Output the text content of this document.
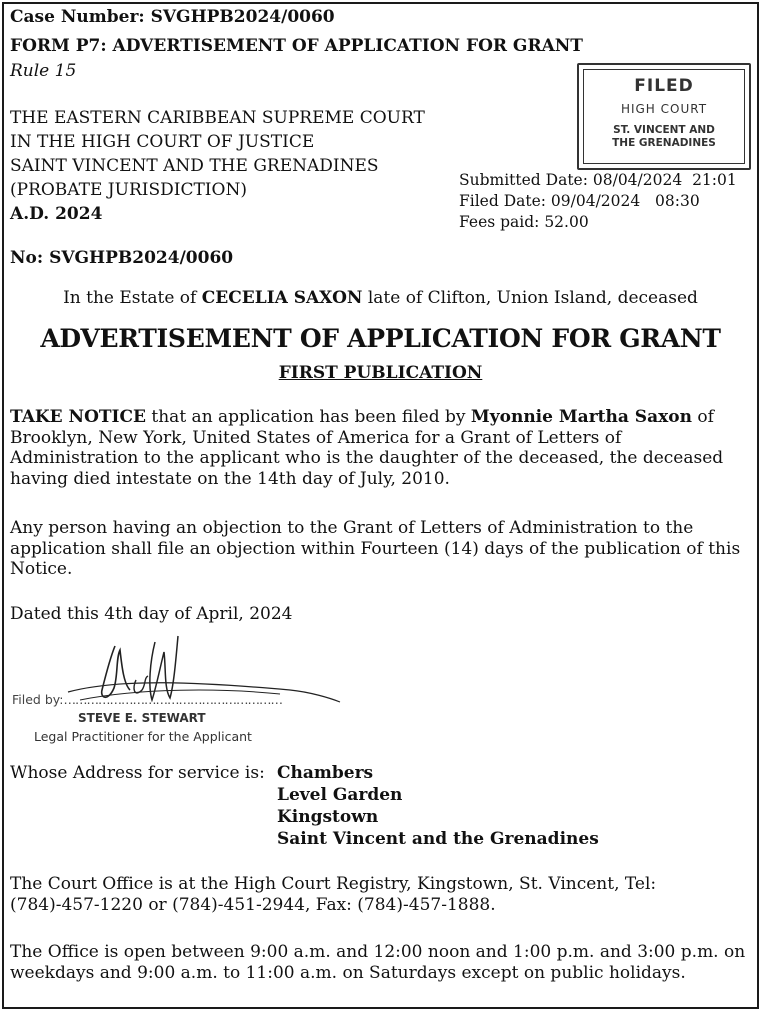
Case Number: SVGHPB2024/0060
FORM P7: ADVERTISEMENT OF APPLICATION FOR GRANT
Rule 15
THE EASTERN CARIBBEAN SUPREME COURT
IN THE HIGH COURT OF JUSTICE
SAINT VINCENT AND THE GRENADINES
(PROBATE JURISDICTION)
A.D. 2024
FILED
HIGH COURT
ST. VINCENT AND
THE GRENADINES
Submitted Date: 08/04/2024  21:01
Filed Date: 09/04/2024   08:30
Fees paid: 52.00
No: SVGHPB2024/0060
In the Estate of CECELIA SAXON late of Clifton, Union Island, deceased
ADVERTISEMENT OF APPLICATION FOR GRANT
FIRST PUBLICATION
TAKE NOTICE that an application has been filed by Myonnie Martha Saxon of Brooklyn, New York, United States of America for a Grant of Letters of Administration to the applicant who is the daughter of the deceased, the deceased having died intestate on the 14th day of July, 2010.
Any person having an objection to the Grant of Letters of Administration to the application shall file an objection within Fourteen (14) days of the publication of this Notice.
Dated this 4th day of April, 2024
Filed by:…………………………………………………
STEVE E. STEWART
Legal Practitioner for the Applicant
Whose Address for service is: Chambers
Level Garden
Kingstown
Saint Vincent and the Grenadines
The Court Office is at the High Court Registry, Kingstown, St. Vincent, Tel: (784)-457-1220 or (784)-451-2944, Fax: (784)-457-1888.
The Office is open between 9:00 a.m. and 12:00 noon and 1:00 p.m. and 3:00 p.m. on weekdays and 9:00 a.m. to 11:00 a.m. on Saturdays except on public holidays.
